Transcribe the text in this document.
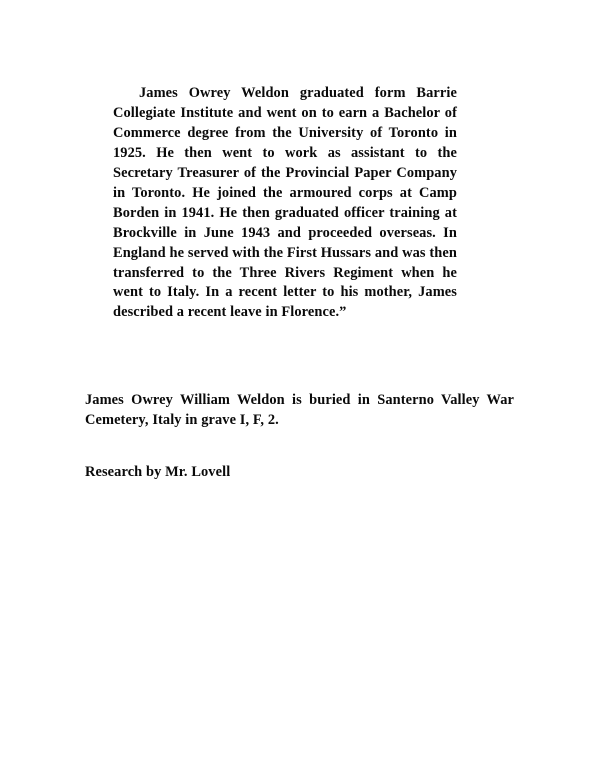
James Owrey Weldon graduated form Barrie Collegiate Institute and went on to earn a Bachelor of Commerce degree from the University of Toronto in 1925. He then went to work as assistant to the Secretary Treasurer of the Provincial Paper Company in Toronto. He joined the armoured corps at Camp Borden in 1941. He then graduated officer training at Brockville in June 1943 and proceeded overseas. In England he served with the First Hussars and was then transferred to the Three Rivers Regiment when he went to Italy. In a recent letter to his mother, James described a recent leave in Florence.”

James Owrey William Weldon is buried in Santerno Valley War Cemetery, Italy in grave I, F, 2.

Research by Mr. Lovell
